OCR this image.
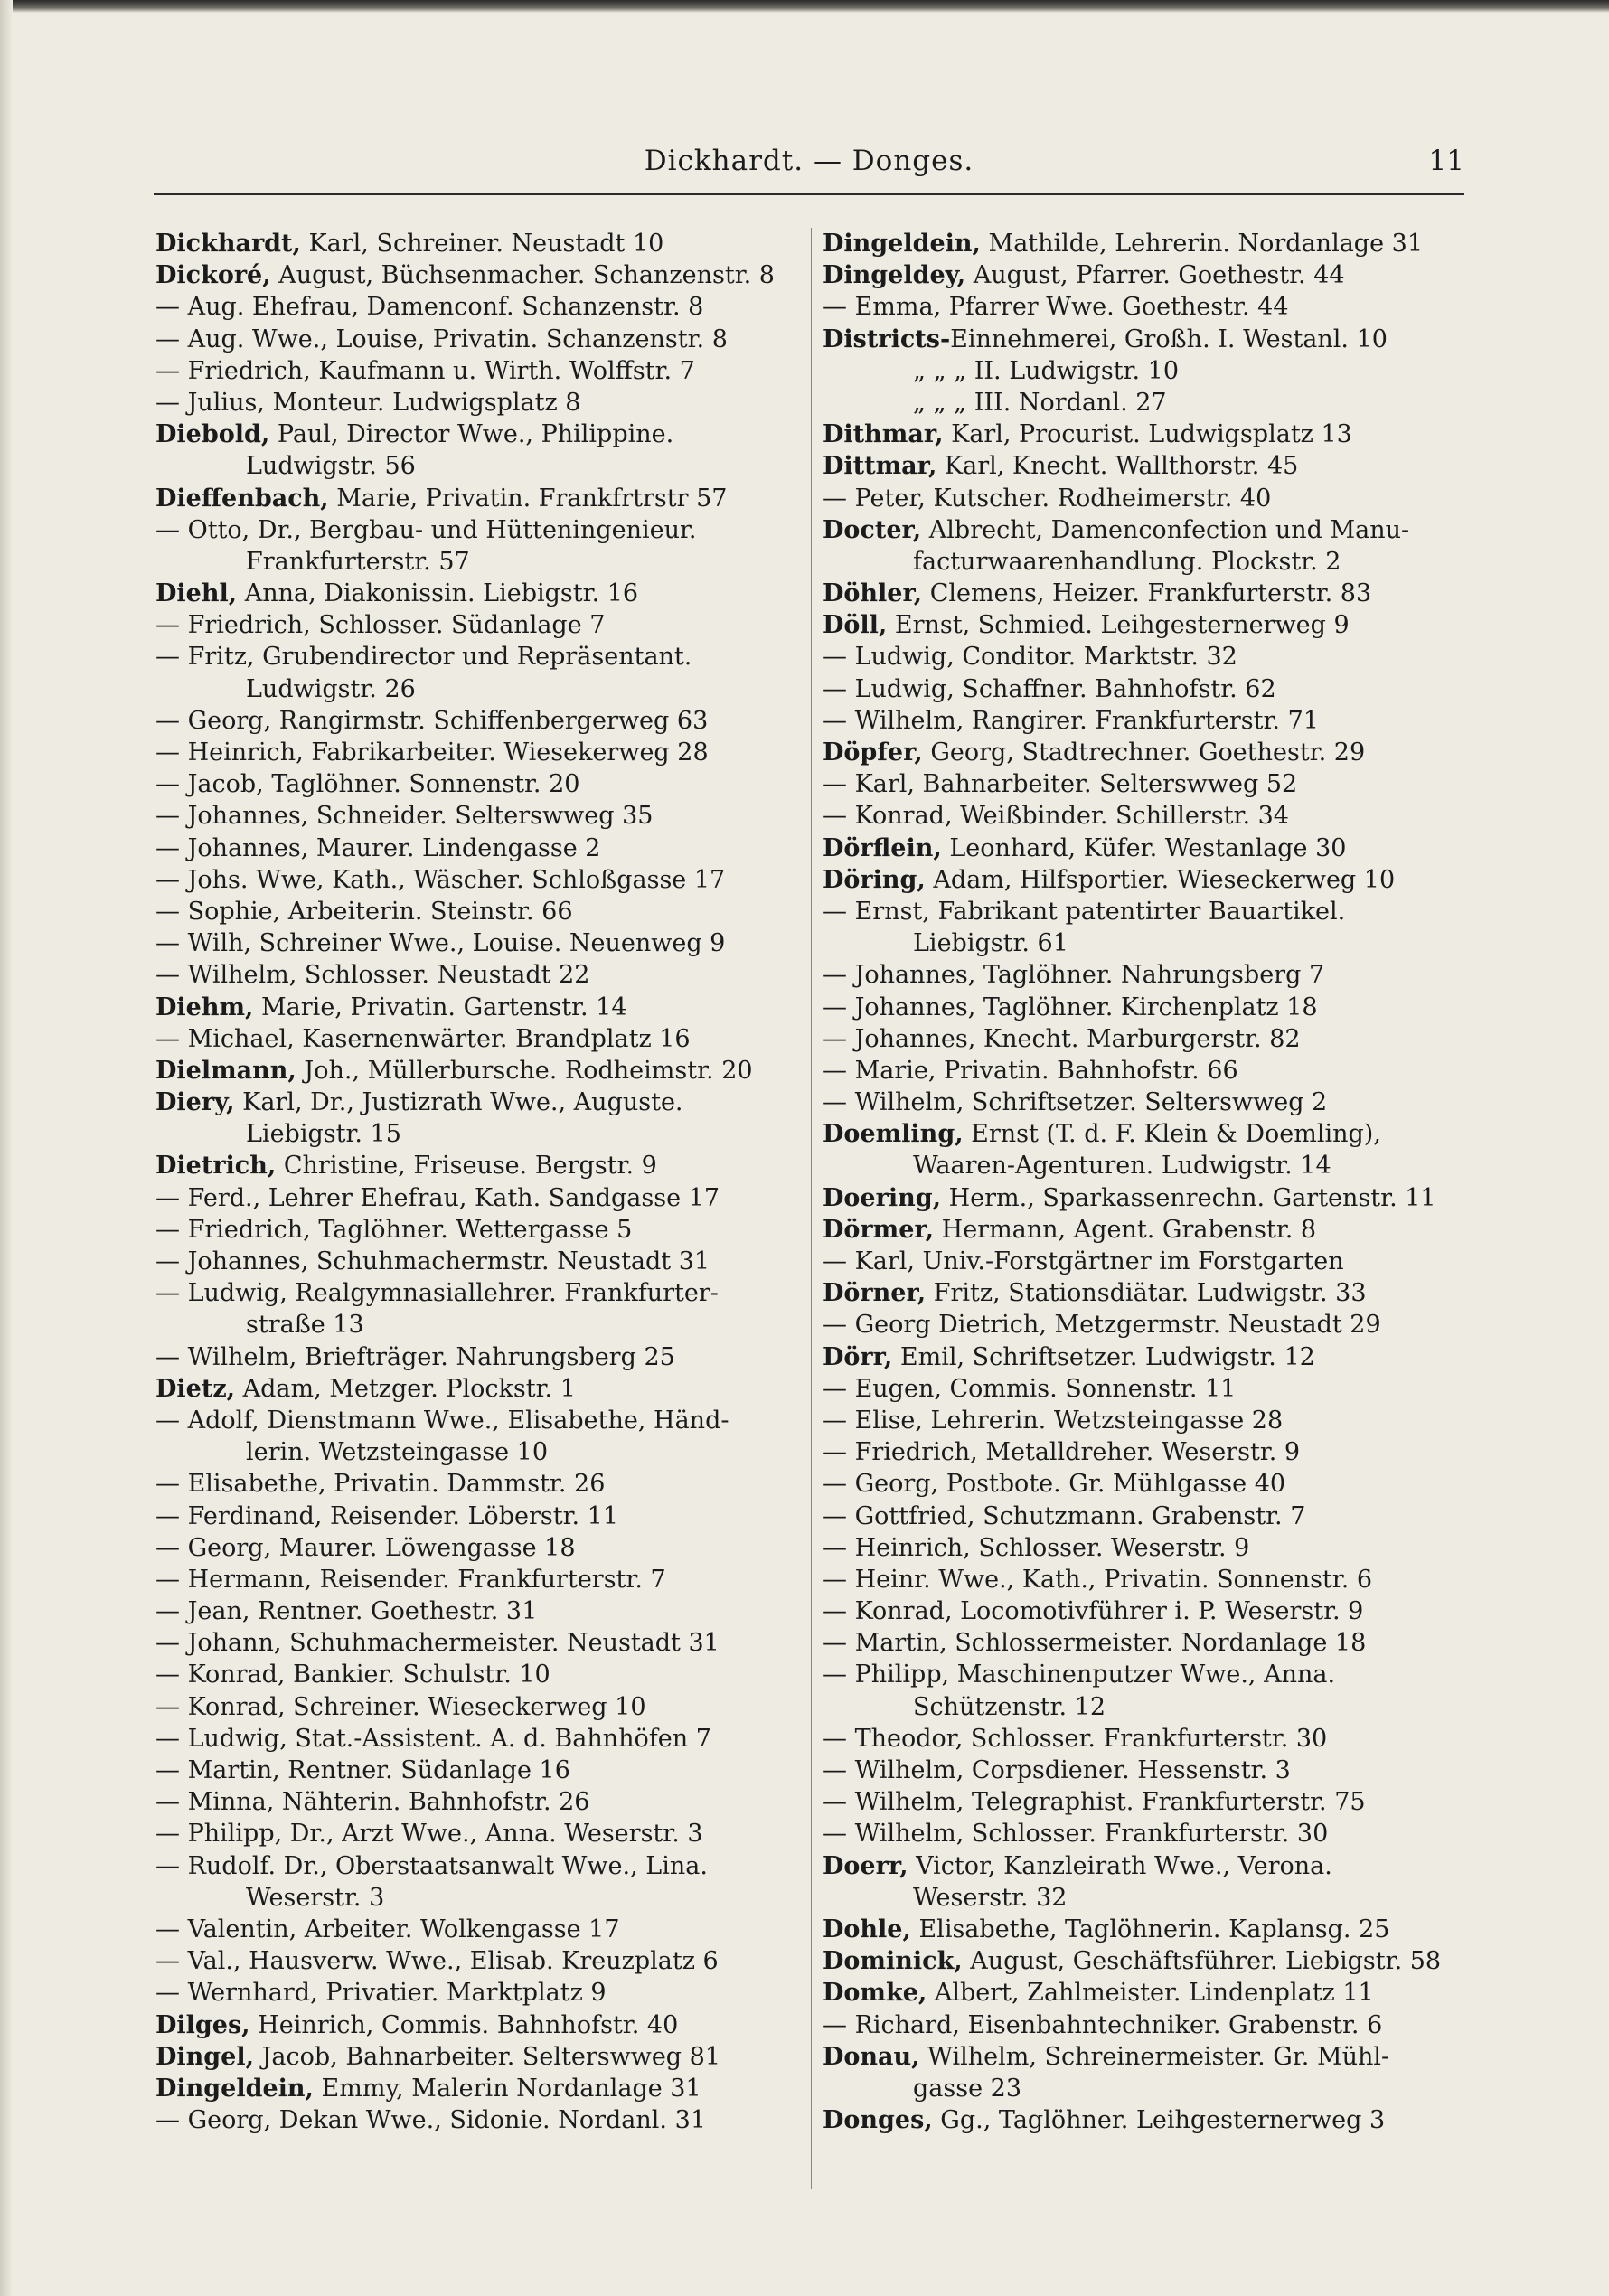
Dickhardt. — Donges.	11
Dickhardt, Karl, Schreiner. Neustadt 10
Dickoré, August, Büchsenmacher. Schanzenstr. 8
— Aug. Ehefrau, Damenconf. Schanzenstr. 8
— Aug. Wwe., Louise, Privatin. Schanzenstr. 8
— Friedrich, Kaufmann u. Wirth. Wolffstr. 7
— Julius, Monteur. Ludwigsplatz 8
Diebold, Paul, Director Wwe., Philippine.
Ludwigstr. 56
Dieffenbach, Marie, Privatin. Frankfrtrstr 57
— Otto, Dr., Bergbau- und Hütteningenieur.
Frankfurterstr. 57
Diehl, Anna, Diakonissin. Liebigstr. 16
— Friedrich, Schlosser. Südanlage 7
— Fritz, Grubendirector und Repräsentant.
Ludwigstr. 26
— Georg, Rangirmstr. Schiffenbergerweg 63
— Heinrich, Fabrikarbeiter. Wiesekerweg 28
— Jacob, Taglöhner. Sonnenstr. 20
— Johannes, Schneider. Selterswweg 35
— Johannes, Maurer. Lindengasse 2
— Johs. Wwe, Kath., Wäscher. Schloßgasse 17
— Sophie, Arbeiterin. Steinstr. 66
— Wilh, Schreiner Wwe., Louise. Neuenweg 9
— Wilhelm, Schlosser. Neustadt 22
Diehm, Marie, Privatin. Gartenstr. 14
— Michael, Kasernenwärter. Brandplatz 16
Dielmann, Joh., Müllerbursche. Rodheimstr. 20
Diery, Karl, Dr., Justizrath Wwe., Auguste.
Liebigstr. 15
Dietrich, Christine, Friseuse. Bergstr. 9
— Ferd., Lehrer Ehefrau, Kath. Sandgasse 17
— Friedrich, Taglöhner. Wettergasse 5
— Johannes, Schuhmachermstr. Neustadt 31
— Ludwig, Realgymnasiallehrer. Frankfurter-
straße 13
— Wilhelm, Briefträger. Nahrungsberg 25
Dietz, Adam, Metzger. Plockstr. 1
— Adolf, Dienstmann Wwe., Elisabethe, Händ-
lerin. Wetzsteingasse 10
— Elisabethe, Privatin. Dammstr. 26
— Ferdinand, Reisender. Löberstr. 11
— Georg, Maurer. Löwengasse 18
— Hermann, Reisender. Frankfurterstr. 7
— Jean, Rentner. Goethestr. 31
— Johann, Schuhmachermeister. Neustadt 31
— Konrad, Bankier. Schulstr. 10
— Konrad, Schreiner. Wieseckerweg 10
— Ludwig, Stat.-Assistent. A. d. Bahnhöfen 7
— Martin, Rentner. Südanlage 16
— Minna, Nähterin. Bahnhofstr. 26
— Philipp, Dr., Arzt Wwe., Anna. Weserstr. 3
— Rudolf. Dr., Oberstaatsanwalt Wwe., Lina.
Weserstr. 3
— Valentin, Arbeiter. Wolkengasse 17
— Val., Hausverw. Wwe., Elisab. Kreuzplatz 6
— Wernhard, Privatier. Marktplatz 9
Dilges, Heinrich, Commis. Bahnhofstr. 40
Dingel, Jacob, Bahnarbeiter. Selterswweg 81
Dingeldein, Emmy, Malerin Nordanlage 31
— Georg, Dekan Wwe., Sidonie. Nordanl. 31
Dingeldein, Mathilde, Lehrerin. Nordanlage 31
Dingeldey, August, Pfarrer. Goethestr. 44
— Emma, Pfarrer Wwe. Goethestr. 44
Districts-Einnehmerei, Großh. I. Westanl. 10
„ „ „ II. Ludwigstr. 10
„ „ „ III. Nordanl. 27
Dithmar, Karl, Procurist. Ludwigsplatz 13
Dittmar, Karl, Knecht. Wallthorstr. 45
— Peter, Kutscher. Rodheimerstr. 40
Docter, Albrecht, Damenconfection und Manu-
facturwaarenhandlung. Plockstr. 2
Döhler, Clemens, Heizer. Frankfurterstr. 83
Döll, Ernst, Schmied. Leihgesternerweg 9
— Ludwig, Conditor. Marktstr. 32
— Ludwig, Schaffner. Bahnhofstr. 62
— Wilhelm, Rangirer. Frankfurterstr. 71
Döpfer, Georg, Stadtrechner. Goethestr. 29
— Karl, Bahnarbeiter. Selterswweg 52
— Konrad, Weißbinder. Schillerstr. 34
Dörflein, Leonhard, Küfer. Westanlage 30
Döring, Adam, Hilfsportier. Wieseckerweg 10
— Ernst, Fabrikant patentirter Bauartikel.
Liebigstr. 61
— Johannes, Taglöhner. Nahrungsberg 7
— Johannes, Taglöhner. Kirchenplatz 18
— Johannes, Knecht. Marburgerstr. 82
— Marie, Privatin. Bahnhofstr. 66
— Wilhelm, Schriftsetzer. Selterswweg 2
Doemling, Ernst (T. d. F. Klein & Doemling),
Waaren-Agenturen. Ludwigstr. 14
Doering, Herm., Sparkassenrechn. Gartenstr. 11
Dörmer, Hermann, Agent. Grabenstr. 8
— Karl, Univ.-Forstgärtner im Forstgarten
Dörner, Fritz, Stationsdiätar. Ludwigstr. 33
— Georg Dietrich, Metzgermstr. Neustadt 29
Dörr, Emil, Schriftsetzer. Ludwigstr. 12
— Eugen, Commis. Sonnenstr. 11
— Elise, Lehrerin. Wetzsteingasse 28
— Friedrich, Metalldreher. Weserstr. 9
— Georg, Postbote. Gr. Mühlgasse 40
— Gottfried, Schutzmann. Grabenstr. 7
— Heinrich, Schlosser. Weserstr. 9
— Heinr. Wwe., Kath., Privatin. Sonnenstr. 6
— Konrad, Locomotivführer i. P. Weserstr. 9
— Martin, Schlossermeister. Nordanlage 18
— Philipp, Maschinenputzer Wwe., Anna.
Schützenstr. 12
— Theodor, Schlosser. Frankfurterstr. 30
— Wilhelm, Corpsdiener. Hessenstr. 3
— Wilhelm, Telegraphist. Frankfurterstr. 75
— Wilhelm, Schlosser. Frankfurterstr. 30
Doerr, Victor, Kanzleirath Wwe., Verona.
Weserstr. 32
Dohle, Elisabethe, Taglöhnerin. Kaplansg. 25
Dominick, August, Geschäftsführer. Liebigstr. 58
Domke, Albert, Zahlmeister. Lindenplatz 11
— Richard, Eisenbahntechniker. Grabenstr. 6
Donau, Wilhelm, Schreinermeister. Gr. Mühl-
gasse 23
Donges, Gg., Taglöhner. Leihgesternerweg 3
